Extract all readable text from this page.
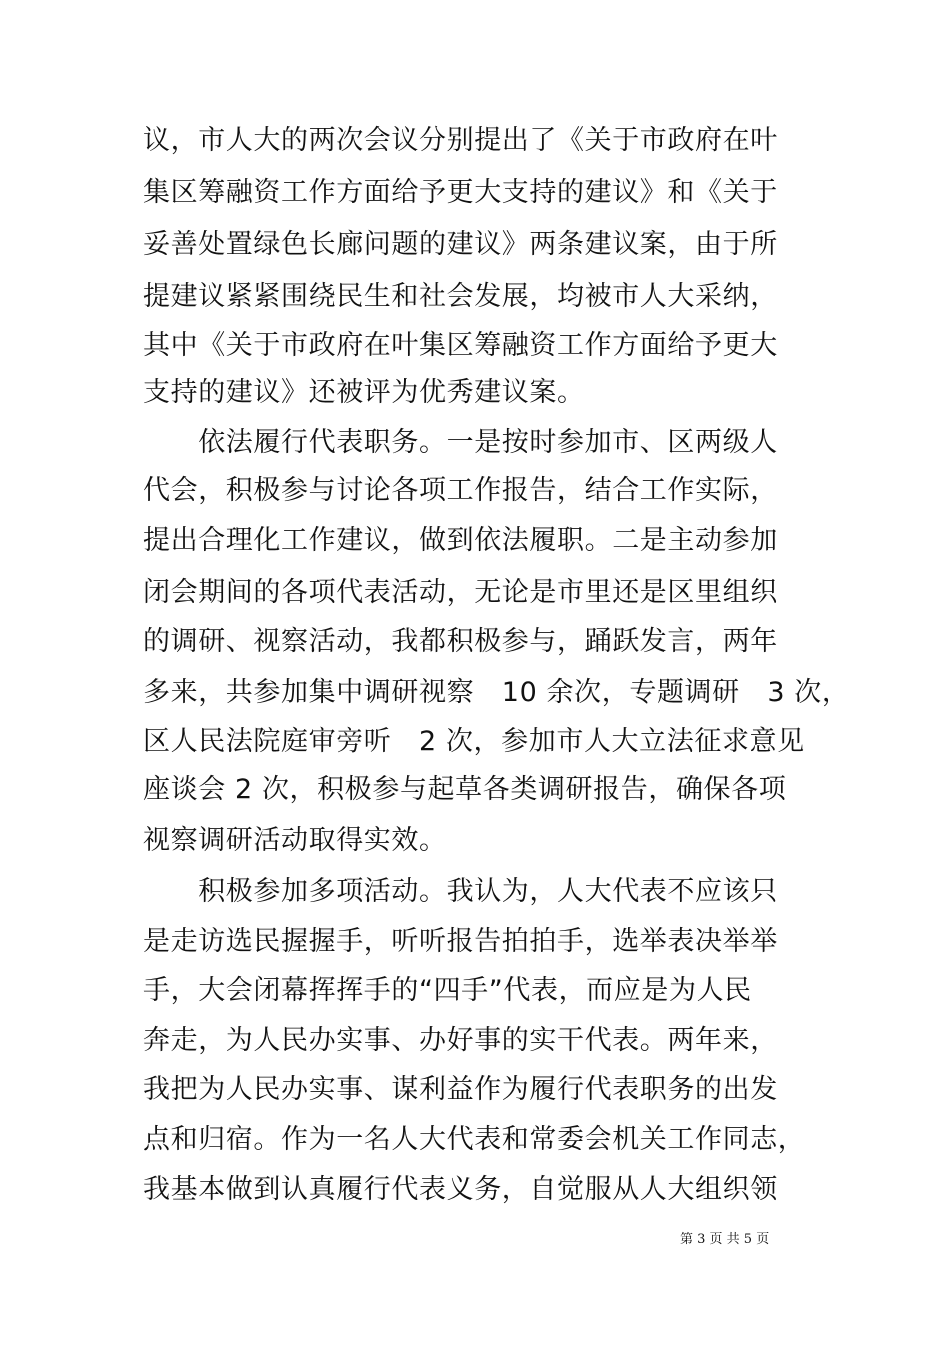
议，市人大的两次会议分别提出了《关于市政府在叶
集区筹融资工作方面给予更大支持的建议》和《关于
妥善处置绿色长廊问题的建议》两条建议案，由于所
提建议紧紧围绕民生和社会发展，均被市人大采纳，
其中《关于市政府在叶集区筹融资工作方面给予更大
支持的建议》还被评为优秀建议案。
　　依法履行代表职务。一是按时参加市、区两级人
代会，积极参与讨论各项工作报告，结合工作实际，
提出合理化工作建议，做到依法履职。二是主动参加
闭会期间的各项代表活动，无论是市里还是区里组织
的调研、视察活动，我都积极参与，踊跃发言，两年
多来，共参加集中调研视察　10 余次，专题调研　3 次，
区人民法院庭审旁听　2 次，参加市人大立法征求意见
座谈会 2 次，积极参与起草各类调研报告，确保各项
视察调研活动取得实效。
　　积极参加多项活动。我认为，人大代表不应该只
是走访选民握握手，听听报告拍拍手，选举表决举举
手，大会闭幕挥挥手的“四手”代表，而应是为人民
奔走，为人民办实事、办好事的实干代表。两年来，
我把为人民办实事、谋利益作为履行代表职务的出发
点和归宿。作为一名人大代表和常委会机关工作同志，
我基本做到认真履行代表义务，自觉服从人大组织领
第 3 页 共 5 页
